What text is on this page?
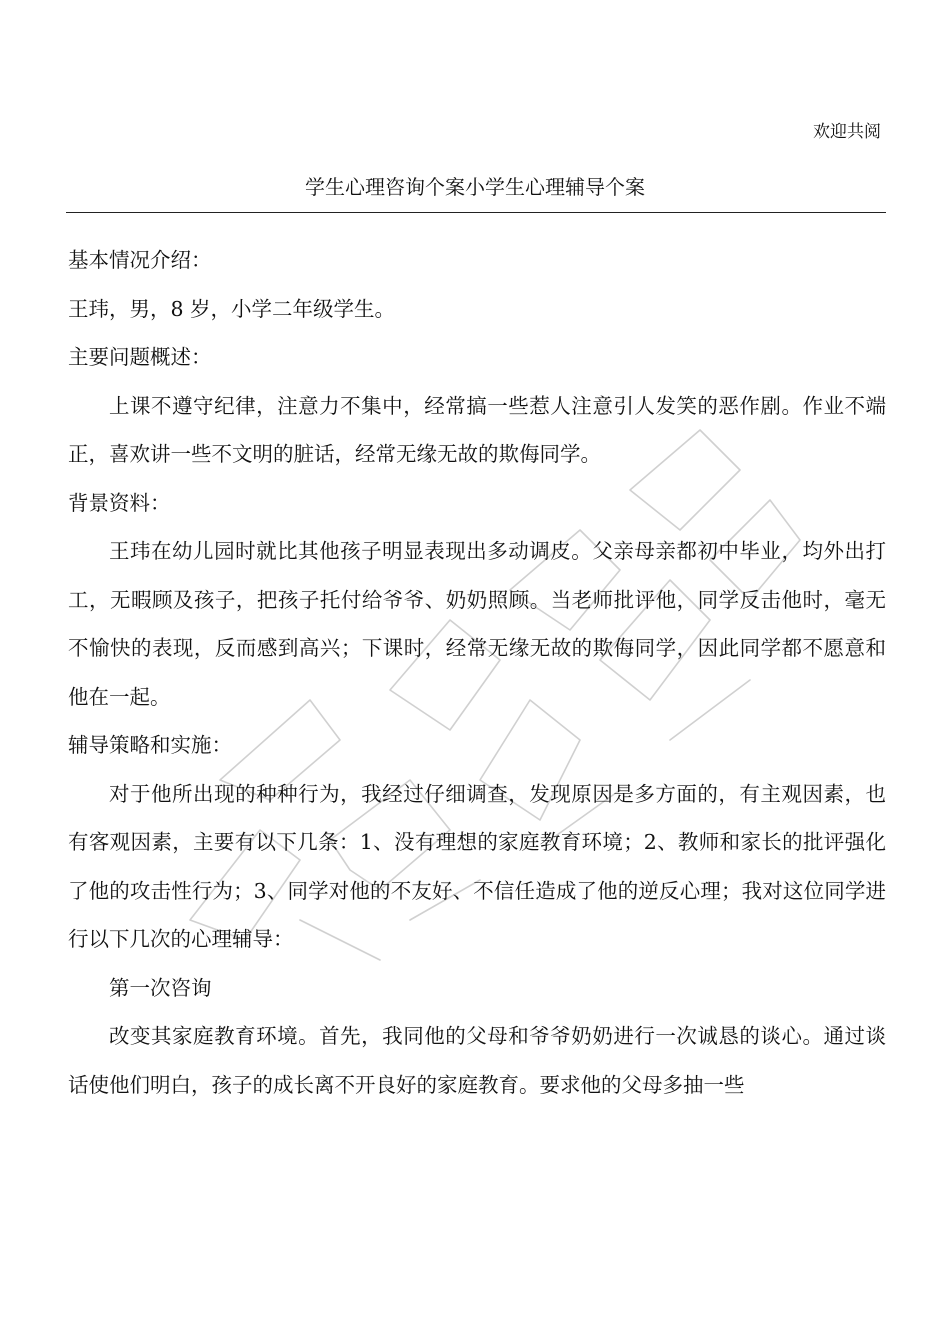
欢迎共阅
学生心理咨询个案小学生心理辅导个案

基本情况介绍：

王玮，男，8 岁，小学二年级学生。

主要问题概述：

上课不遵守纪律，注意力不集中，经常搞一些惹人注意引人发笑的恶作剧。作业不端正，喜欢讲一些不文明的脏话，经常无缘无故的欺侮同学。

背景资料：

王玮在幼儿园时就比其他孩子明显表现出多动调皮。父亲母亲都初中毕业，均外出打工，无暇顾及孩子，把孩子托付给爷爷、奶奶照顾。当老师批评他，同学反击他时，毫无不愉快的表现，反而感到高兴；下课时，经常无缘无故的欺侮同学，因此同学都不愿意和他在一起。

辅导策略和实施：

对于他所出现的种种行为，我经过仔细调查，发现原因是多方面的，有主观因素，也有客观因素，主要有以下几条：1、没有理想的家庭教育环境；2、教师和家长的批评强化了他的攻击性行为；3、同学对他的不友好、不信任造成了他的逆反心理；我对这位同学进行以下几次的心理辅导：

第一次咨询

改变其家庭教育环境。首先，我同他的父母和爷爷奶奶进行一次诚恳的谈心。通过谈话使他们明白，孩子的成长离不开良好的家庭教育。要求他的父母多抽一些
